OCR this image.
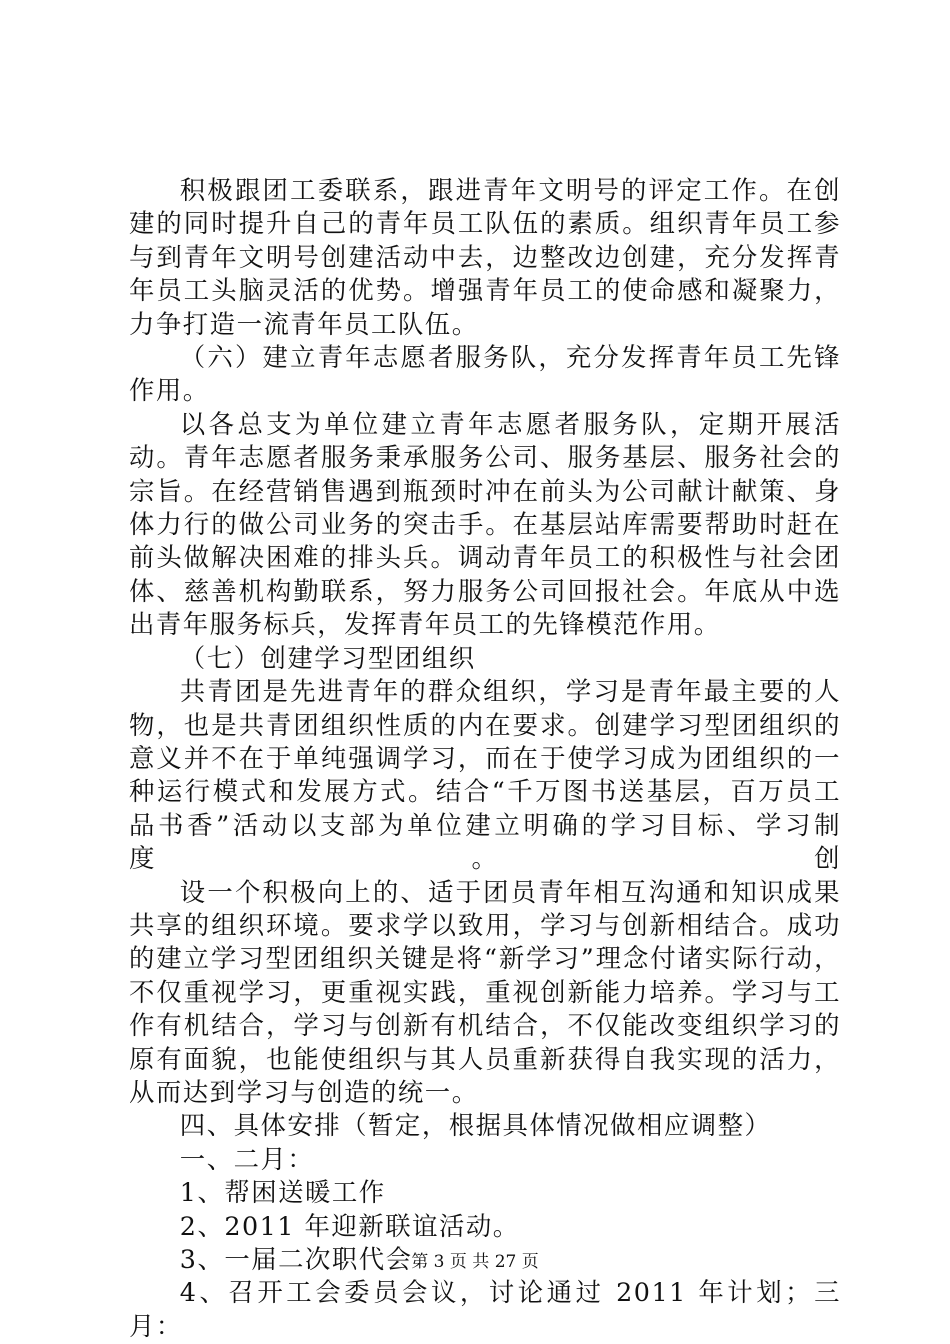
积极跟团工委联系，跟进青年文明号的评定工作。在创建的同时提升自己的青年员工队伍的素质。组织青年员工参与到青年文明号创建活动中去，边整改边创建，充分发挥青年员工头脑灵活的优势。增强青年员工的使命感和凝聚力，力争打造一流青年员工队伍。

（六）建立青年志愿者服务队，充分发挥青年员工先锋作用。

以各总支为单位建立青年志愿者服务队，定期开展活动。青年志愿者服务秉承服务公司、服务基层、服务社会的宗旨。在经营销售遇到瓶颈时冲在前头为公司献计献策、身体力行的做公司业务的突击手。在基层站库需要帮助时赶在前头做解决困难的排头兵。调动青年员工的积极性与社会团体、慈善机构勤联系，努力服务公司回报社会。年底从中选出青年服务标兵，发挥青年员工的先锋模范作用。

（七）创建学习型团组织

共青团是先进青年的群众组织，学习是青年最主要的人物，也是共青团组织性质的内在要求。创建学习型团组织的意义并不在于单纯强调学习，而在于使学习成为团组织的一种运行模式和发展方式。结合“千万图书送基层，百万员工品书香”活动以支部为单位建立明确的学习目标、学习制度。创

设一个积极向上的、适于团员青年相互沟通和知识成果共享的组织环境。要求学以致用，学习与创新相结合。成功的建立学习型团组织关键是将“新学习”理念付诸实际行动，不仅重视学习，更重视实践，重视创新能力培养。学习与工作有机结合，学习与创新有机结合，不仅能改变组织学习的原有面貌，也能使组织与其人员重新获得自我实现的活力，从而达到学习与创造的统一。

四、具体安排（暂定，根据具体情况做相应调整）

一、二月：

1、帮困送暖工作

2、2011 年迎新联谊活动。

3、一届二次职代会

4、召开工会委员会议，讨论通过 2011 年计划；三月：

第 3 页 共 27 页
